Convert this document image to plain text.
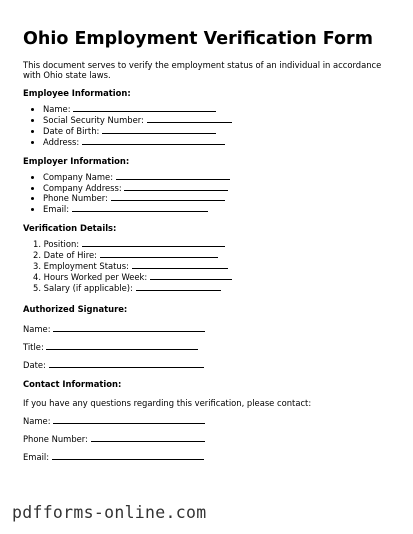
Ohio Employment Verification Form

This document serves to verify the employment status of an individual in accordance with Ohio state laws.

Employee Information:
• Name:
• Social Security Number:
• Date of Birth:
• Address:
Employer Information:
• Company Name:
• Company Address:
• Phone Number:
• Email:
Verification Details:
1. Position:
2. Date of Hire:
3. Employment Status:
4. Hours Worked per Week:
5. Salary (if applicable):
Authorized Signature:

Name:

Title:

Date:

Contact Information:

If you have any questions regarding this verification, please contact:

Name:

Phone Number:

Email:

pdfforms-online.com
